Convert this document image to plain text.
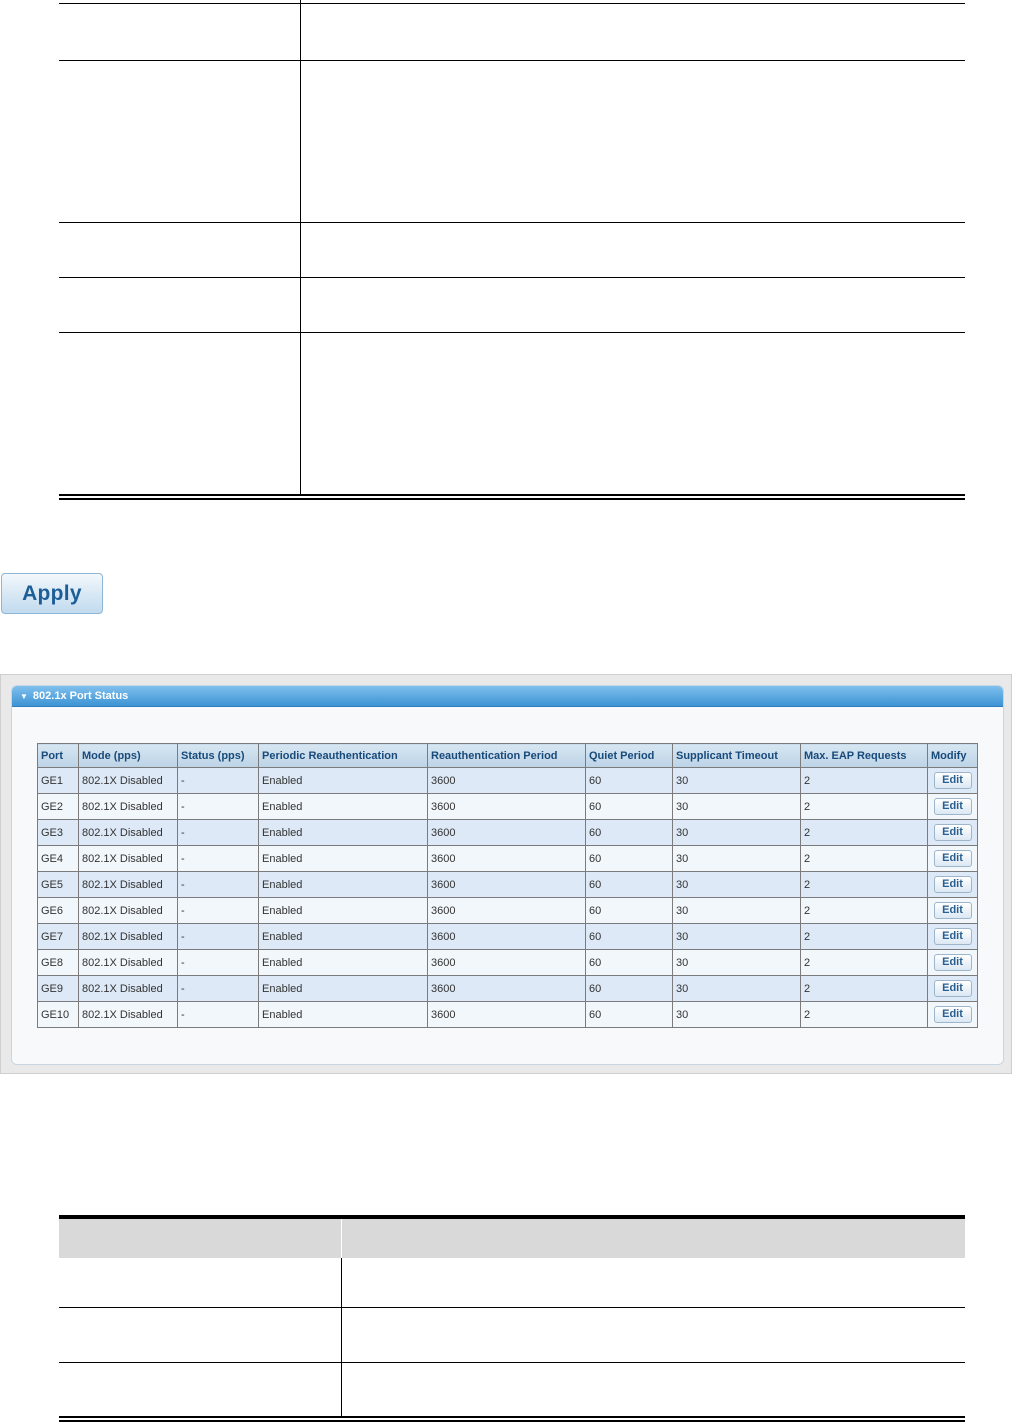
Apply
▼ 802.1x Port Status
Port	Mode (pps)	Status (pps)	Periodic Reauthentication	Reauthentication Period	Quiet Period	Supplicant Timeout	Max. EAP Requests	Modify
GE1	802.1X Disabled	-	Enabled	3600	60	30	2	Edit
GE2	802.1X Disabled	-	Enabled	3600	60	30	2	Edit
GE3	802.1X Disabled	-	Enabled	3600	60	30	2	Edit
GE4	802.1X Disabled	-	Enabled	3600	60	30	2	Edit
GE5	802.1X Disabled	-	Enabled	3600	60	30	2	Edit
GE6	802.1X Disabled	-	Enabled	3600	60	30	2	Edit
GE7	802.1X Disabled	-	Enabled	3600	60	30	2	Edit
GE8	802.1X Disabled	-	Enabled	3600	60	30	2	Edit
GE9	802.1X Disabled	-	Enabled	3600	60	30	2	Edit
GE10	802.1X Disabled	-	Enabled	3600	60	30	2	Edit
